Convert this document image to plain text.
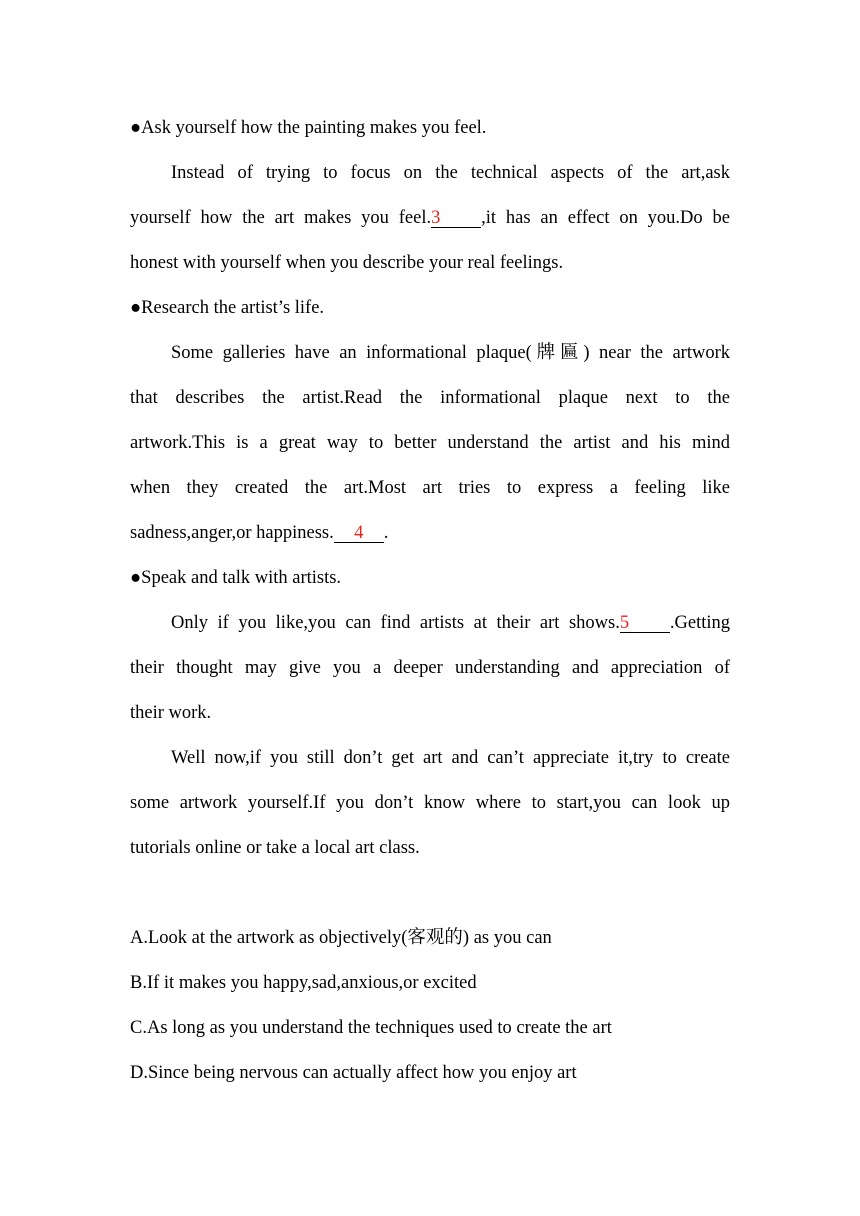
●Ask yourself how the painting makes you feel.
Instead of trying to focus on the technical aspects of the art,ask
yourself how the art makes you feel.3 ,it has an effect on you.Do be
honest with yourself when you describe your real feelings.
●Research the artist’s life.
Some galleries have an informational plaque(牌匾) near the artwork
that describes the artist.Read the informational plaque next to the
artwork.This is a great way to better understand the artist and his mind
when they created the art.Most art tries to express a feeling like
sadness,anger,or happiness. 4 .
●Speak and talk with artists.
Only if you like,you can find artists at their art shows.5 .Getting
their thought may give you a deeper understanding and appreciation of
their work.
Well now,if you still don’t get art and can’t appreciate it,try to create
some artwork yourself.If you don’t know where to start,you can look up
tutorials online or take a local art class.
A.Look at the artwork as objectively(客观的) as you can
B.If it makes you happy,sad,anxious,or excited
C.As long as you understand the techniques used to create the art
D.Since being nervous can actually affect how you enjoy art
